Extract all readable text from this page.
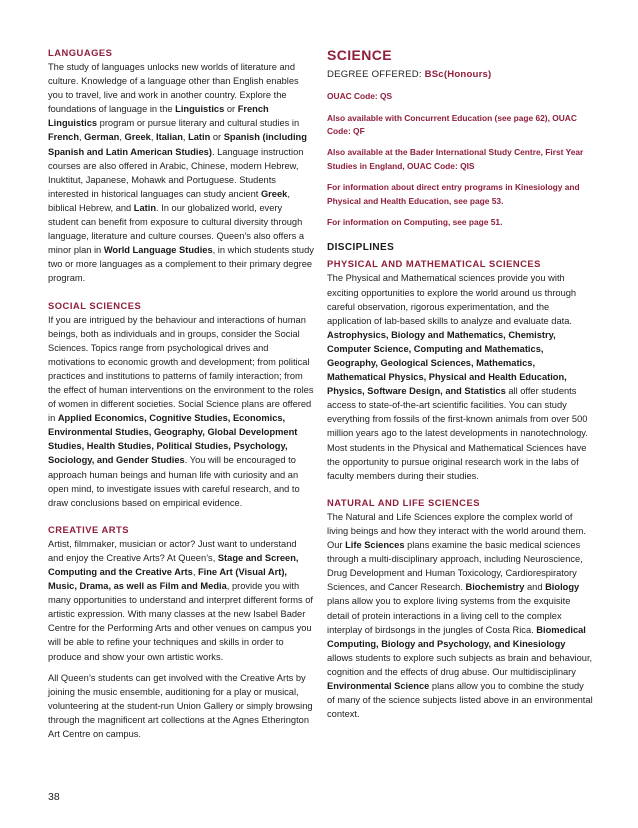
LANGUAGES

The study of languages unlocks new worlds of literature and culture. Knowledge of a language other than English enables you to travel, live and work in another country. Explore the foundations of language in the Linguistics or French Linguistics program or pursue literary and cultural studies in French, German, Greek, Italian, Latin or Spanish (including Spanish and Latin American Studies). Language instruction courses are also offered in Arabic, Chinese, modern Hebrew, Inuktitut, Japanese, Mohawk and Portuguese. Students interested in historical languages can study ancient Greek, biblical Hebrew, and Latin. In our globalized world, every student can benefit from exposure to cultural diversity through language, literature and culture courses. Queen’s also offers a minor plan in World Language Studies, in which students study two or more languages as a complement to their primary degree program.

SOCIAL SCIENCES

If you are intrigued by the behaviour and interactions of human beings, both as individuals and in groups, consider the Social Sciences. Topics range from psychological drives and motivations to economic growth and development; from political practices and institutions to patterns of family interaction; from the effect of human interventions on the environment to the roles of women in different societies. Social Science plans are offered in Applied Economics, Cognitive Studies, Economics, Environmental Studies, Geography, Global Development Studies, Health Studies, Political Studies, Psychology, Sociology, and Gender Studies. You will be encouraged to approach human beings and human life with curiosity and an open mind, to investigate issues with careful research, and to draw conclusions based on empirical evidence.

CREATIVE ARTS

Artist, filmmaker, musician or actor? Just want to understand and enjoy the Creative Arts? At Queen’s, Stage and Screen, Computing and the Creative Arts, Fine Art (Visual Art), Music, Drama, as well as Film and Media, provide you with many opportunities to understand and interpret different forms of artistic expression. With many classes at the new Isabel Bader Centre for the Performing Arts and other venues on campus you will be able to refine your techniques and skills in order to produce and show your own artistic works.

All Queen’s students can get involved with the Creative Arts by joining the music ensemble, auditioning for a play or musical, volunteering at the student-run Union Gallery or simply browsing through the magnificent art collections at the Agnes Etherington Art Centre on campus.

SCIENCE
DEGREE OFFERED: BSc(Honours)
OUAC Code: QS
Also available with Concurrent Education (see page 62), OUAC Code: QF
Also available at the Bader International Study Centre, First Year Studies in England, OUAC Code: QIS
For information about direct entry programs in Kinesiology and Physical and Health Education, see page 53.
For information on Computing, see page 51.
DISCIPLINES
PHYSICAL AND MATHEMATICAL SCIENCES

The Physical and Mathematical sciences provide you with exciting opportunities to explore the world around us through careful observation, rigorous experimentation, and the application of lab-based skills to analyze and evaluate data. Astrophysics, Biology and Mathematics, Chemistry, Computer Science, Computing and Mathematics, Geography, Geological Sciences, Mathematics, Mathematical Physics, Physical and Health Education, Physics, Software Design, and Statistics all offer students access to state-of-the-art scientific facilities. You can study everything from fossils of the first-known animals from over 500 million years ago to the latest developments in nanotechnology. Most students in the Physical and Mathematical Sciences have the opportunity to pursue original research work in the labs of faculty members during their studies.

NATURAL AND LIFE SCIENCES

The Natural and Life Sciences explore the complex world of living beings and how they interact with the world around them. Our Life Sciences plans examine the basic medical sciences through a multi-disciplinary approach, including Neuroscience, Drug Development and Human Toxicology, Cardiorespiratory Sciences, and Cancer Research. Biochemistry and Biology plans allow you to explore living systems from the exquisite detail of protein interactions in a living cell to the complex interplay of birdsongs in the jungles of Costa Rica. Biomedical Computing, Biology and Psychology, and Kinesiology allows students to explore such subjects as brain and behaviour, cognition and the effects of drug abuse. Our multidisciplinary Environmental Science plans allow you to combine the study of many of the science subjects listed above in an environmental context.

38
